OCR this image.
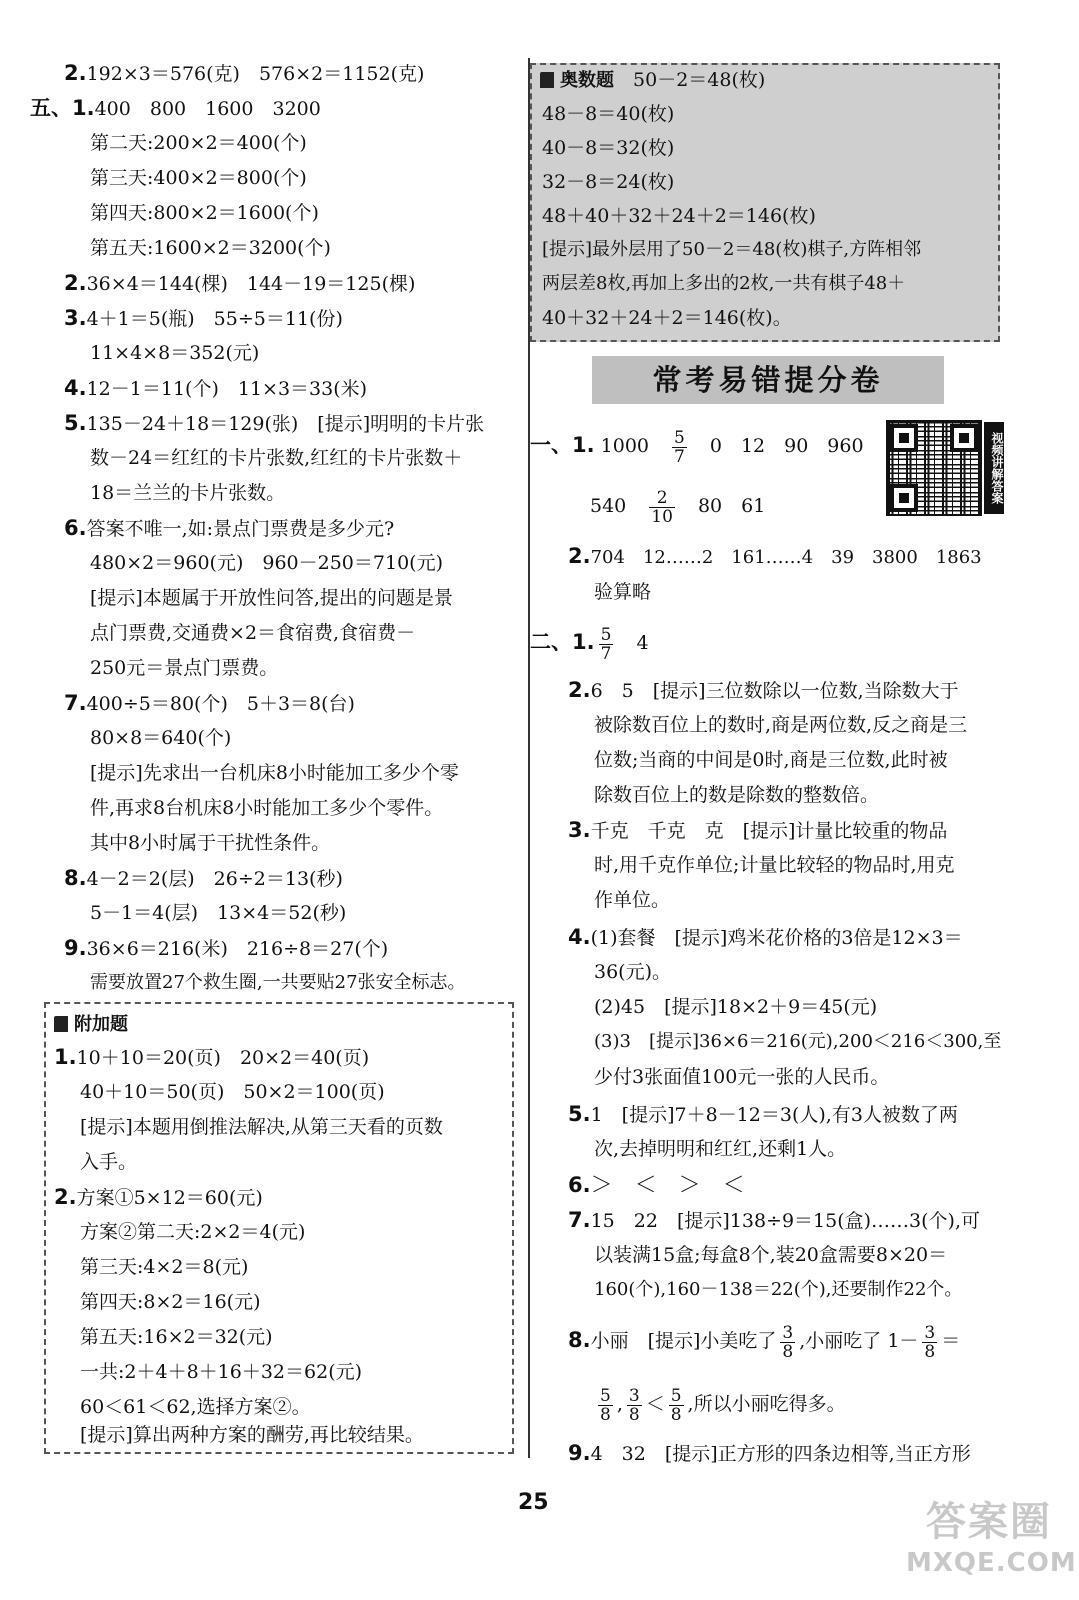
2.192×3＝576(克)　576×2＝1152(克)
五、1.400　800　1600　3200
第二天:200×2＝400(个)
第三天:400×2＝800(个)
第四天:800×2＝1600(个)
第五天:1600×2＝3200(个)
2.36×4＝144(棵)　144－19＝125(棵)
3.4＋1＝5(瓶)　55÷5＝11(份)
11×4×8＝352(元)
4.12－1＝11(个)　11×3＝33(米)
5.135－24＋18＝129(张)　[提示]明明的卡片张
数－24＝红红的卡片张数,红红的卡片张数＋
18＝兰兰的卡片张数。
6.答案不唯一,如:景点门票费是多少元?
480×2＝960(元)　960－250＝710(元)
[提示]本题属于开放性问答,提出的问题是景
点门票费,交通费×2＝食宿费,食宿费－
250元＝景点门票费。
7.400÷5＝80(个)　5＋3＝8(台)
80×8＝640(个)
[提示]先求出一台机床8小时能加工多少个零
件,再求8台机床8小时能加工多少个零件。
其中8小时属于干扰性条件。
8.4－2＝2(层)　26÷2＝13(秒)
5－1＝4(层)　13×4＝52(秒)
9.36×6＝216(米)　216÷8＝27(个)
需要放置27个救生圈,一共要贴27张安全标志。
附加题
1.10＋10＝20(页)　20×2＝40(页)
40＋10＝50(页)　50×2＝100(页)
[提示]本题用倒推法解决,从第三天看的页数
入手。
2.方案①5×12＝60(元)
方案②第二天:2×2＝4(元)
第三天:4×2＝8(元)
第四天:8×2＝16(元)
第五天:16×2＝32(元)
一共:2＋4＋8＋16＋32＝62(元)
60＜61＜62,选择方案②。
[提示]算出两种方案的酬劳,再比较结果。
奥数题　 50－2＝48(枚)
48－8＝40(枚)
40－8＝32(枚)
32－8＝24(枚)
48＋40＋32＋24＋2＝146(枚)
[提示]最外层用了50－2＝48(枚)棋子,方阵相邻
两层差8枚,再加上多出的2枚,一共有棋子48＋
40＋32＋24＋2＝146(枚)。
常考易错提分卷
视频讲解答案
一、1. 1000　 $\frac{5}{7}$
　 0　12　90　960
540　 $\frac{2}{10}$
　 80　61
2.704　12……2　161……4　39　3800　1863
验算略
二、1. $\frac{5}{7}$
　 4
2.6　5　[提示]三位数除以一位数,当除数大于
被除数百位上的数时,商是两位数,反之商是三
位数;当商的中间是0时,商是三位数,此时被
除数百位上的数是除数的整数倍。
3.千克　千克　克　[提示]计量比较重的物品
时,用千克作单位;计量比较轻的物品时,用克
作单位。
4.(1)套餐　[提示]鸡米花价格的3倍是12×3＝
36(元)。
(2)45　[提示]18×2＋9＝45(元)
(3)3　[提示]36×6＝216(元),200＜216＜300,至
少付3张面值100元一张的人民币。
5.1　[提示]7＋8－12＝3(人),有3人被数了两
次,去掉明明和红红,还剩1人。
6.＞　＜　＞　＜
7.15　22　[提示]138÷9＝15(盒)……3(个),可
以装满15盒;每盒8个,装20盒需要8×20＝
160(个),160－138＝22(个),还要制作22个。
8.小丽　[提示]小美吃了 $\frac{3}{8}$ ,小丽吃了 $1- \frac{3}{8}$ ＝
$\frac{5}{8}$ , $\frac{3}{8} < \frac{5}{8}$ ,所以小丽吃得多。
9.4　32　[提示]正方形的四条边相等,当正方形
25	答案圈
MXQE.COM
